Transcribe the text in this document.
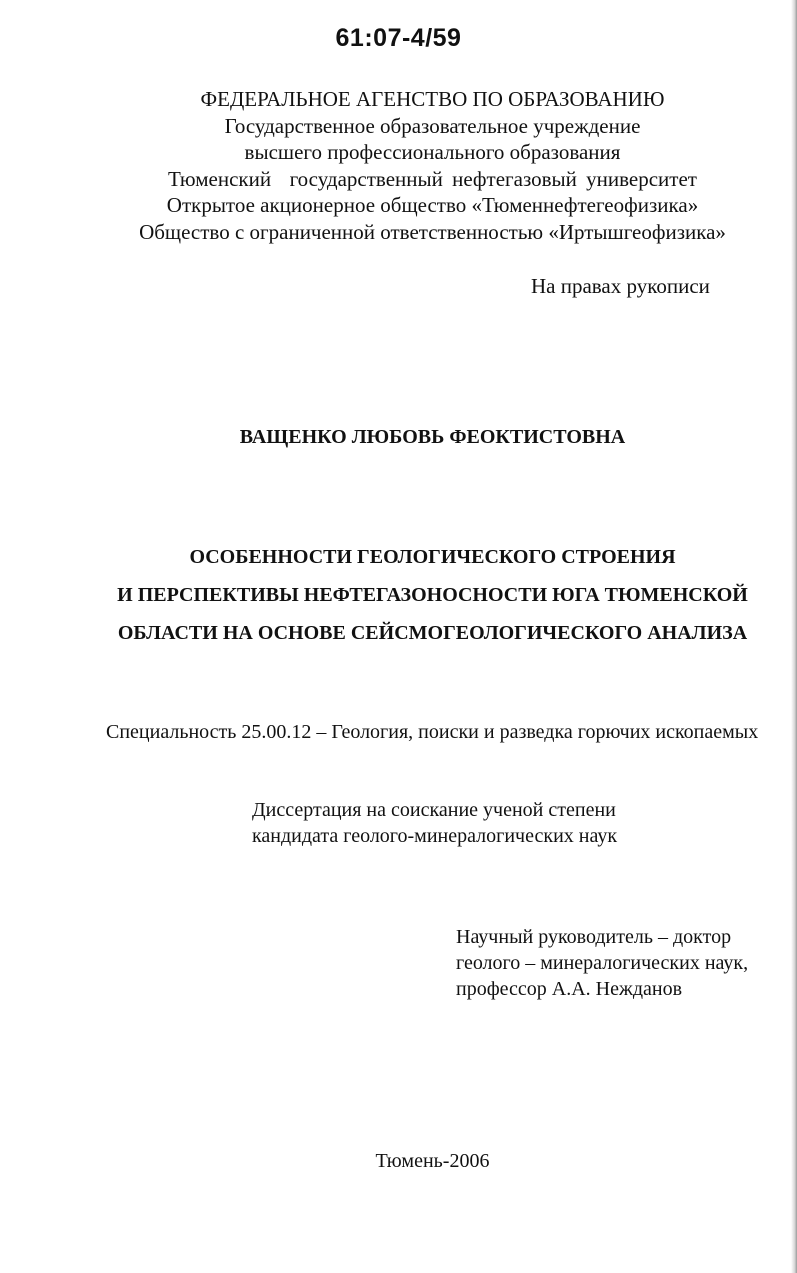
61:07-4/59
ФЕДЕРАЛЬНОЕ АГЕНСТВО ПО ОБРАЗОВАНИЮ
Государственное образовательное учреждение
высшего профессионального образования
Тюменский  государственный нефтегазовый университет
Открытое акционерное общество «Тюменнефтегеофизика»
Общество с ограниченной ответственностью «Иртышгеофизика»
На правах рукописи
ВАЩЕНКО ЛЮБОВЬ ФЕОКТИСТОВНА
ОСОБЕННОСТИ ГЕОЛОГИЧЕСКОГО СТРОЕНИЯ
И ПЕРСПЕКТИВЫ НЕФТЕГАЗОНОСНОСТИ ЮГА ТЮМЕНСКОЙ
ОБЛАСТИ НА ОСНОВЕ СЕЙСМОГЕОЛОГИЧЕСКОГО АНАЛИЗА
Специальность 25.00.12 – Геология, поиски и разведка горючих ископаемых
Диссертация на соискание ученой степени
кандидата геолого-минералогических наук
Научный руководитель – доктор
геолого – минералогических наук,
профессор А.А. Нежданов
Тюмень-2006
